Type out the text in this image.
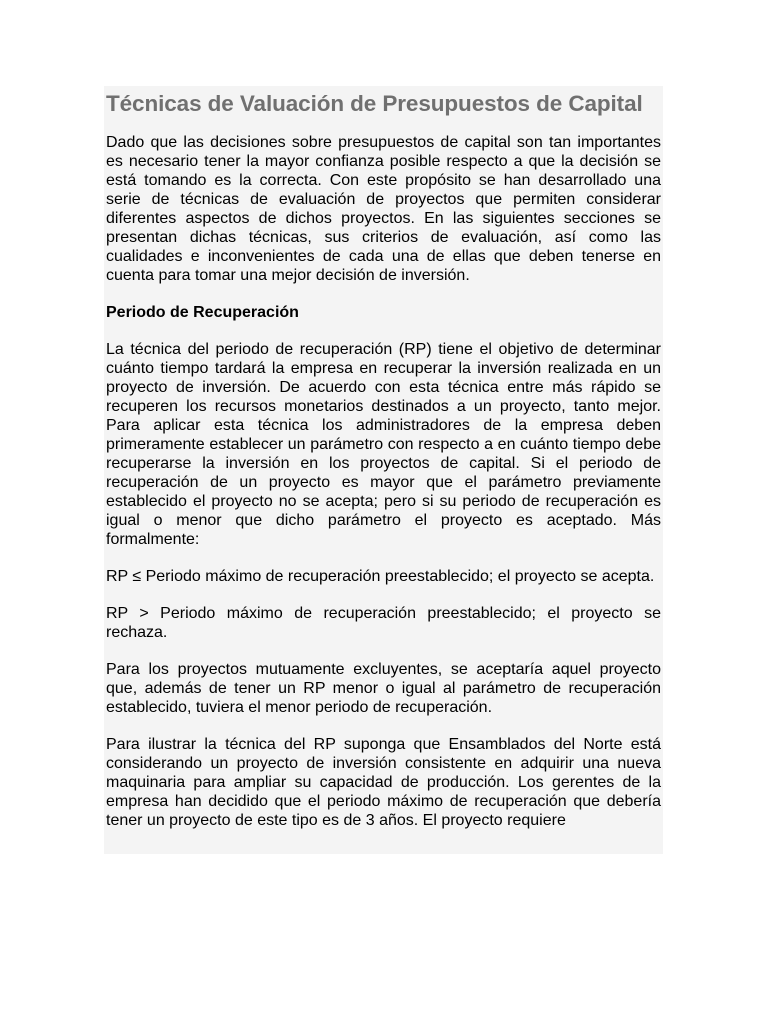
Técnicas de Valuación de Presupuestos de Capital

Dado que las decisiones sobre presupuestos de capital son tan importantes es necesario tener la mayor confianza posible respecto a que la decisión se está tomando es la correcta. Con este propósito se han desarrollado una serie de técnicas de evaluación de proyectos que permiten considerar diferentes aspectos de dichos proyectos. En las siguientes secciones se presentan dichas técnicas, sus criterios de evaluación, así como las cualidades e inconvenientes de cada una de ellas que deben tenerse en cuenta para tomar una mejor decisión de inversión.

Periodo de Recuperación

La técnica del periodo de recuperación (RP) tiene el objetivo de determinar cuánto tiempo tardará la empresa en recuperar la inversión realizada en un proyecto de inversión. De acuerdo con esta técnica entre más rápido se recuperen los recursos monetarios destinados a un proyecto, tanto mejor. Para aplicar esta técnica los administradores de la empresa deben primeramente establecer un parámetro con respecto a en cuánto tiempo debe recuperarse la inversión en los proyectos de capital. Si el periodo de recuperación de un proyecto es mayor que el parámetro previamente establecido el proyecto no se acepta; pero si su periodo de recuperación es igual o menor que dicho parámetro el proyecto es aceptado. Más formalmente:

RP ≤ Periodo máximo de recuperación preestablecido; el proyecto se acepta.

RP > Periodo máximo de recuperación preestablecido; el proyecto se rechaza.

Para los proyectos mutuamente excluyentes, se aceptaría aquel proyecto que, además de tener un RP menor o igual al parámetro de recuperación establecido, tuviera el menor periodo de recuperación.

Para ilustrar la técnica del RP suponga que Ensamblados del Norte está considerando un proyecto de inversión consistente en adquirir una nueva maquinaria para ampliar su capacidad de producción. Los gerentes de la empresa han decidido que el periodo máximo de recuperación que debería tener un proyecto de este tipo es de 3 años. El proyecto requiere
